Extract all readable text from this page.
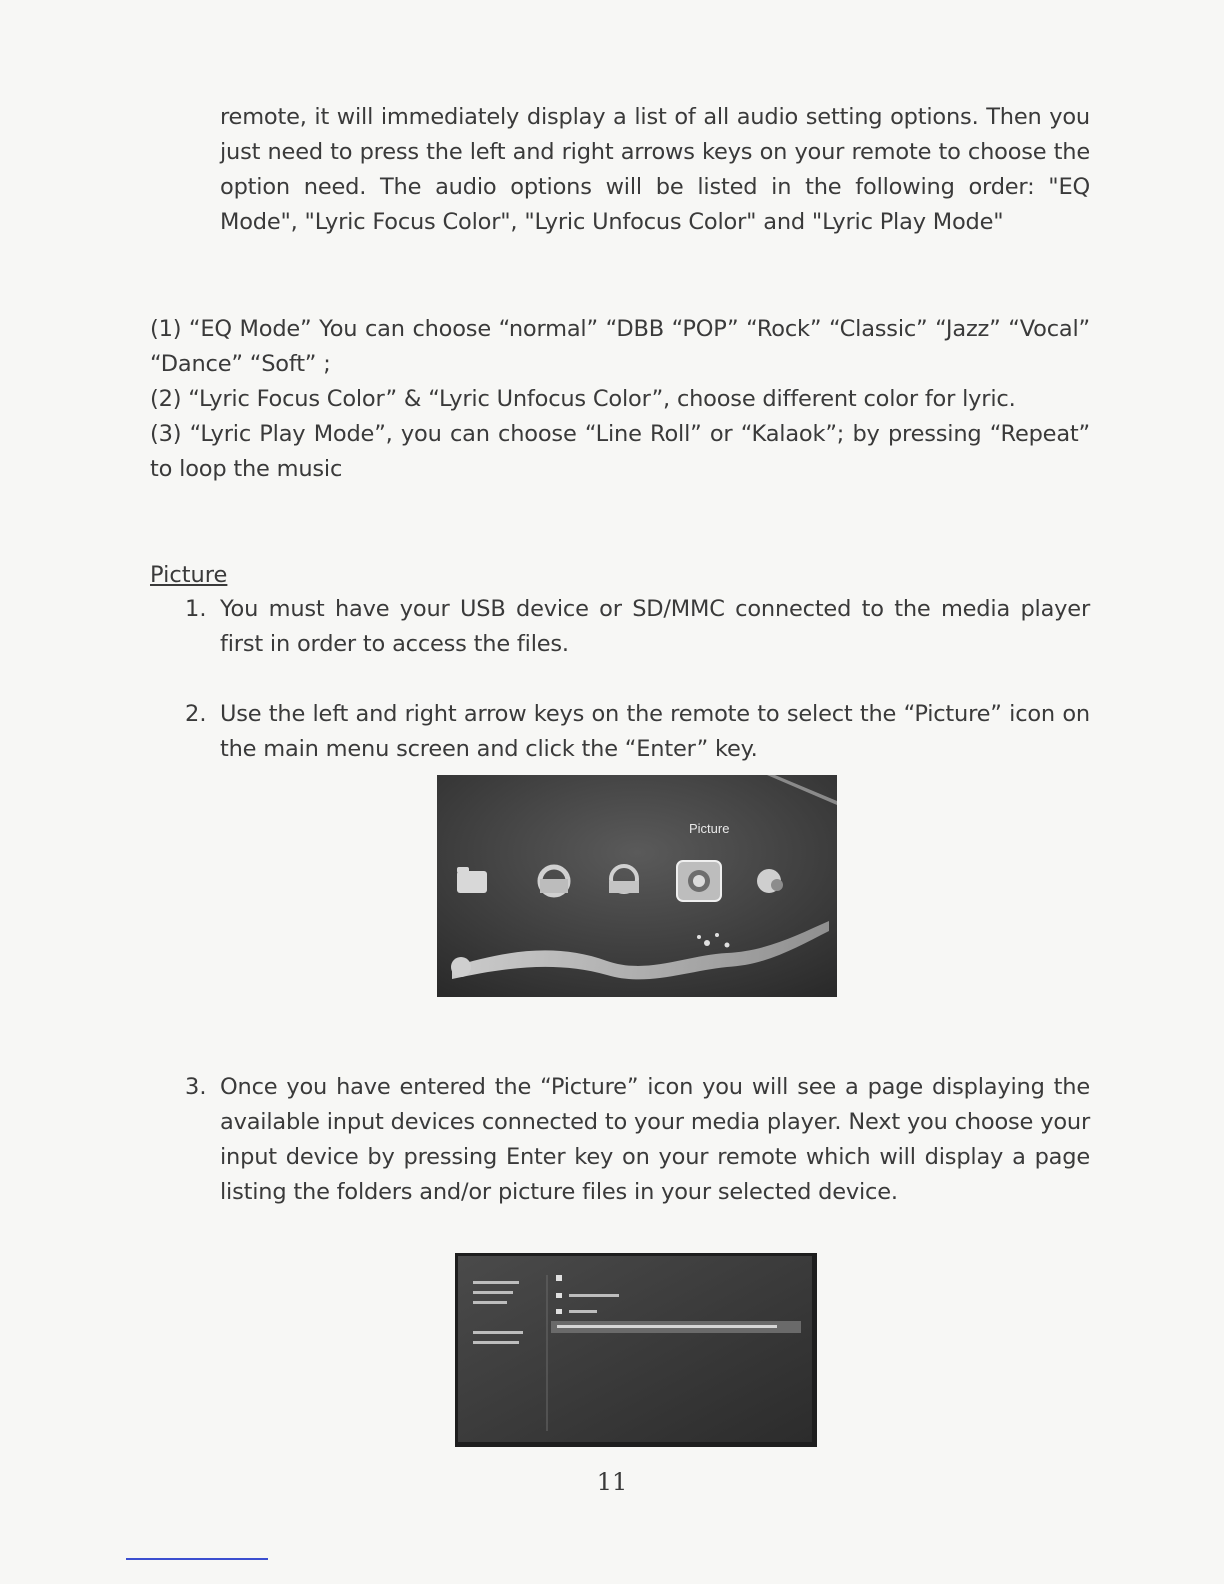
remote, it will immediately display a list of all audio setting options. Then you just need to press the left and right arrows keys on your remote to choose the option need. The audio options will be listed in the following order: "EQ Mode", "Lyric Focus Color", "Lyric Unfocus Color" and "Lyric Play Mode"

(1) “EQ Mode” You can choose “normal” “DBB “POP” “Rock” “Classic” “Jazz” “Vocal” “Dance” “Soft” ;

(2) “Lyric Focus Color” & “Lyric Unfocus Color”, choose different color for lyric.

(3) “Lyric Play Mode”, you can choose “Line Roll” or “Kalaok”; by pressing “Repeat” to loop the music

Picture

1. You must have your USB device or SD/MMC connected to the media player first in order to access the files.

2. Use the left and right arrow keys on the remote to select the “Picture” icon on the main menu screen and click the “Enter” key.

Picture
3. Once you have entered the “Picture” icon you will see a page displaying the available input devices connected to your media player. Next you choose your input device by pressing Enter key on your remote which will display a page listing the folders and/or picture files in your selected device.

11
